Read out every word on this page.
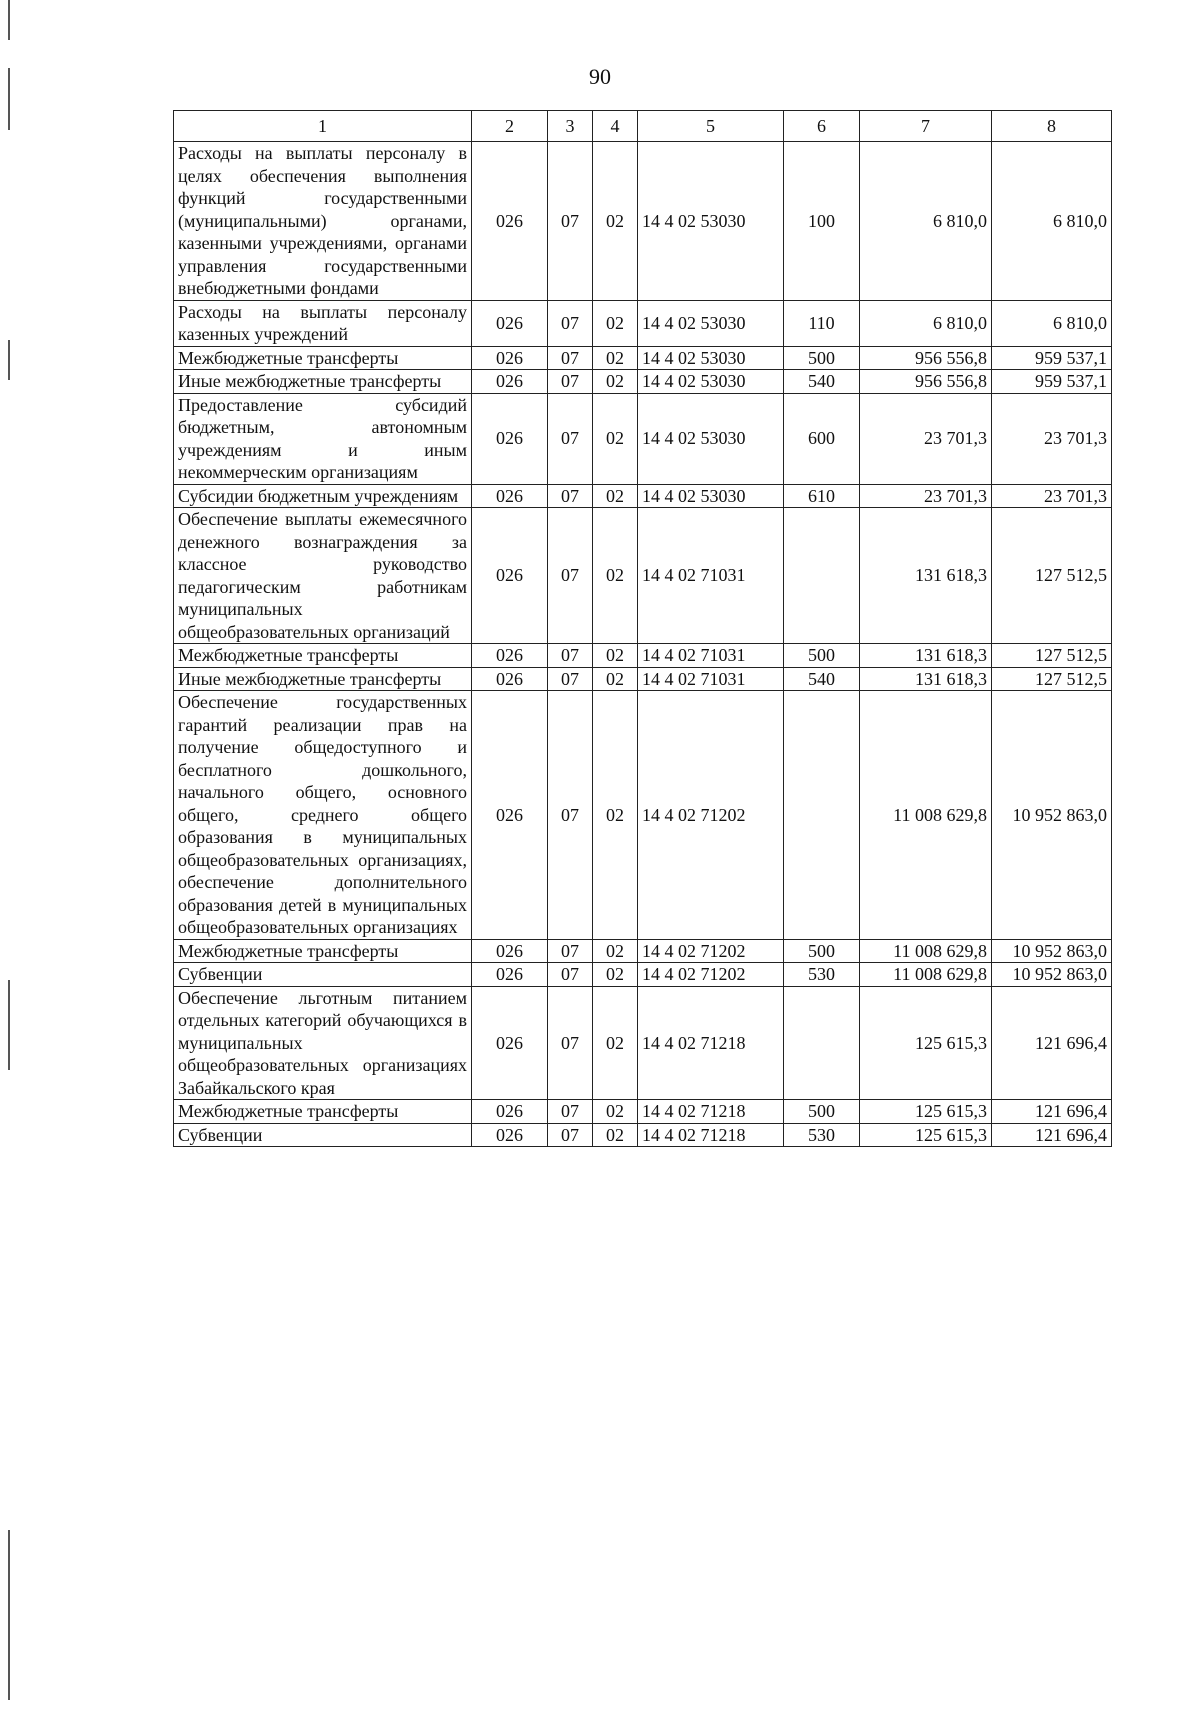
90
1	2	3	4	5	6	7	8
Расходы на выплаты персоналу в целях обеспечения выполнения функций государственными (муниципальными) органами, казенными учреждениями, органами управления государственными внебюджетными фондами	026	07	02	14 4 02 53030	100	6 810,0	6 810,0
Расходы на выплаты персоналу казенных учреждений	026	07	02	14 4 02 53030	110	6 810,0	6 810,0
Межбюджетные трансферты	026	07	02	14 4 02 53030	500	956 556,8	959 537,1
Иные межбюджетные трансферты	026	07	02	14 4 02 53030	540	956 556,8	959 537,1
Предоставление субсидий бюджетным, автономным учреждениям и иным некоммерческим организациям	026	07	02	14 4 02 53030	600	23 701,3	23 701,3
Субсидии бюджетным учреждениям	026	07	02	14 4 02 53030	610	23 701,3	23 701,3
Обеспечение выплаты ежемесячного денежного вознаграждения за классное руководство педагогическим работникам муниципальных общеобразовательных организаций	026	07	02	14 4 02 71031		131 618,3	127 512,5
Межбюджетные трансферты	026	07	02	14 4 02 71031	500	131 618,3	127 512,5
Иные межбюджетные трансферты	026	07	02	14 4 02 71031	540	131 618,3	127 512,5
Обеспечение государственных гарантий реализации прав на получение общедоступного и бесплатного дошкольного, начального общего, основного общего, среднего общего образования в муниципальных общеобразовательных организациях, обеспечение дополнительного образования детей в муниципальных общеобразовательных организациях	026	07	02	14 4 02 71202		11 008 629,8	10 952 863,0
Межбюджетные трансферты	026	07	02	14 4 02 71202	500	11 008 629,8	10 952 863,0
Субвенции	026	07	02	14 4 02 71202	530	11 008 629,8	10 952 863,0
Обеспечение льготным питанием отдельных категорий обучающихся в муниципальных общеобразовательных организациях Забайкальского края	026	07	02	14 4 02 71218		125 615,3	121 696,4
Межбюджетные трансферты	026	07	02	14 4 02 71218	500	125 615,3	121 696,4
Субвенции	026	07	02	14 4 02 71218	530	125 615,3	121 696,4
